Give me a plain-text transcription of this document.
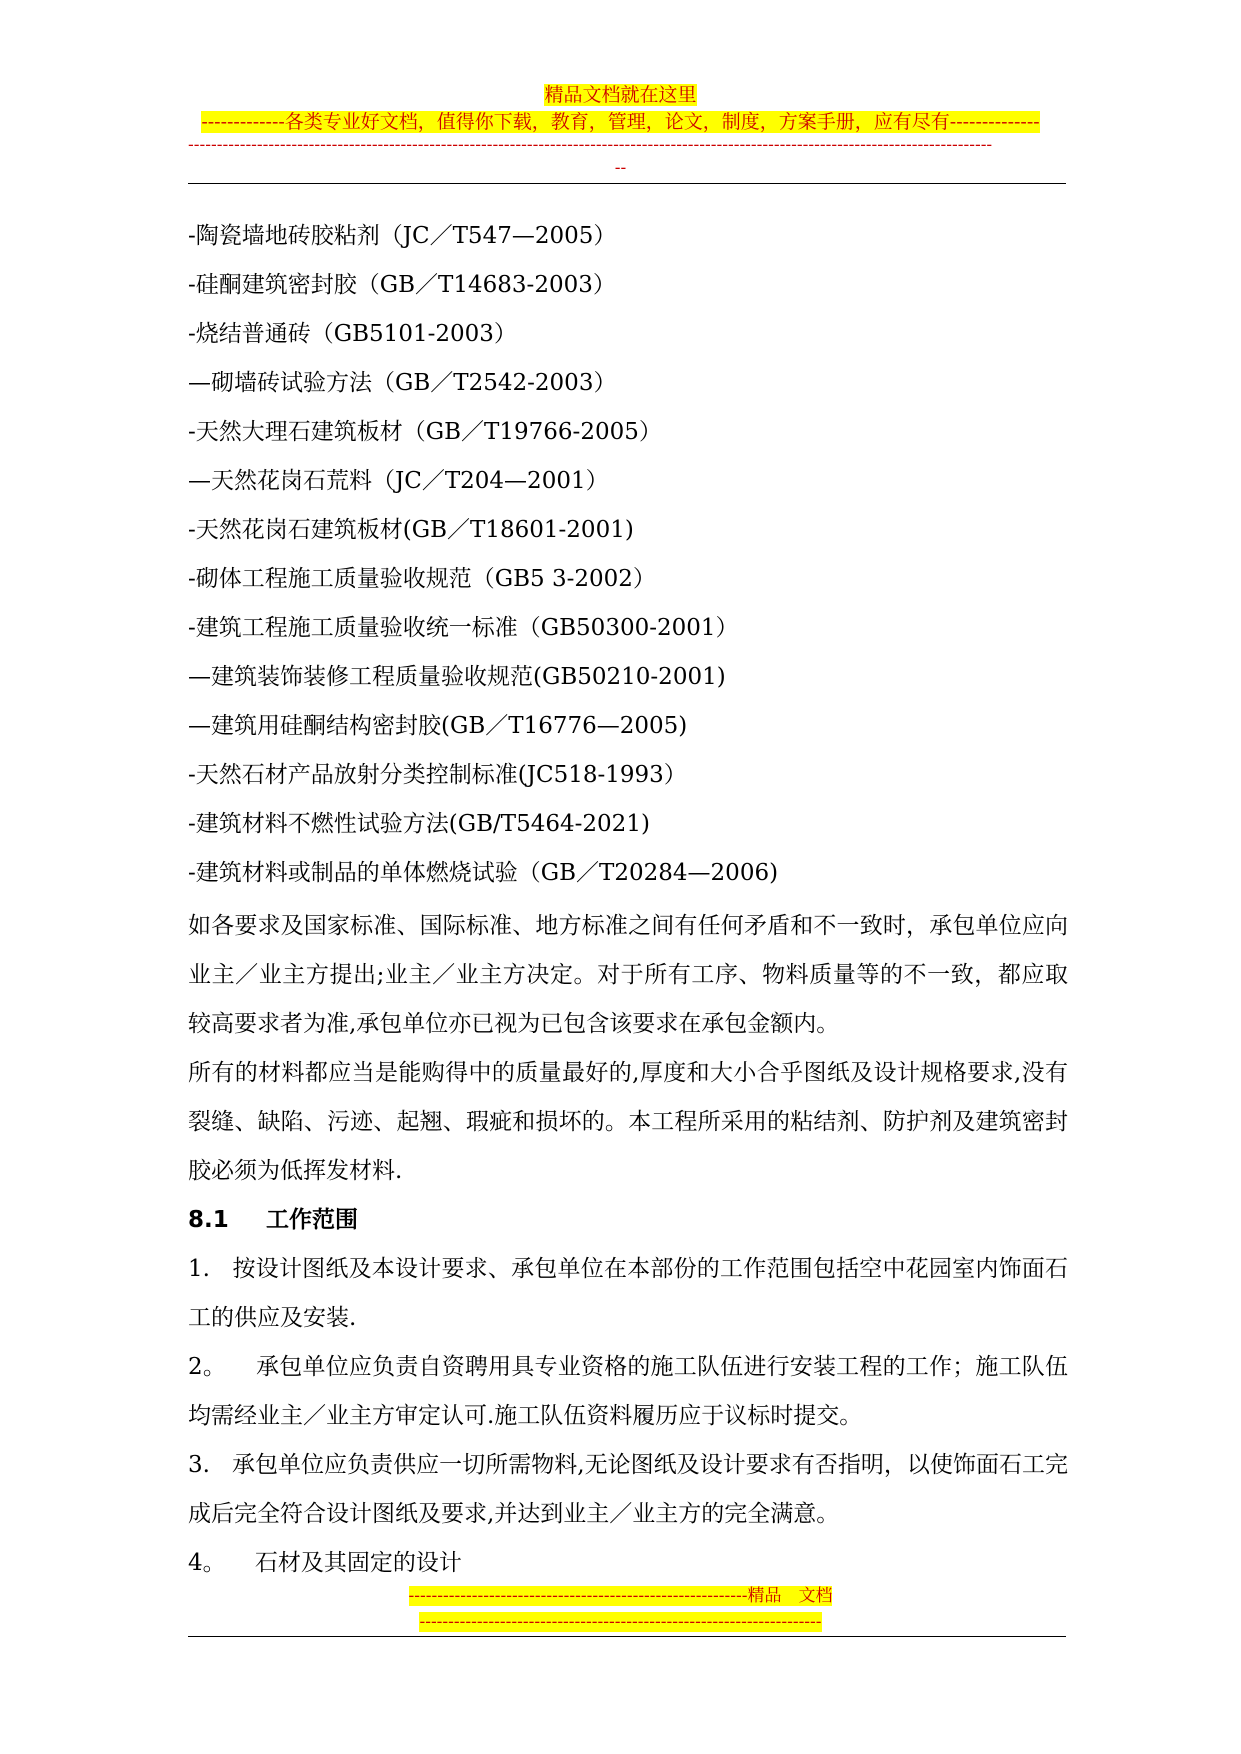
精品文档就在这里
-------------各类专业好文档，值得你下载，教育，管理，论文，制度，方案手册，应有尽有--------------
--------------------------------------------------------------------------------------------------------------------------------------------
--
-陶瓷墙地砖胶粘剂（JC／T547—2005）
-硅酮建筑密封胶（GB／T14683-2003）
-烧结普通砖（GB5101-2003）
—砌墙砖试验方法（GB／T2542-2003）
-天然大理石建筑板材（GB／T19766-2005）
—天然花岗石荒料（JC／T204—2001）
-天然花岗石建筑板材(GB／T18601-2001)
-砌体工程施工质量验收规范（GB5 3-2002）
-建筑工程施工质量验收统一标准（GB50300-2001）
—建筑装饰装修工程质量验收规范(GB50210-2001)
—建筑用硅酮结构密封胶(GB／T16776—2005)
-天然石材产品放射分类控制标准(JC518-1993）
-建筑材料不燃性试验方法(GB/T5464-2021)
-建筑材料或制品的单体燃烧试验（GB／T20284—2006)
如各要求及国家标准、国际标准、地方标准之间有任何矛盾和不一致时，承包单位应向业主／业主方提出;业主／业主方决定。对于所有工序、物料质量等的不一致，都应取较高要求者为准,承包单位亦已视为已包含该要求在承包金额内。
所有的材料都应当是能购得中的质量最好的,厚度和大小合乎图纸及设计规格要求,没有裂缝、缺陷、污迹、起翘、瑕疵和损坏的。本工程所采用的粘结剂、防护剂及建筑密封胶必须为低挥发材料.
8.1 工作范围
1. 按设计图纸及本设计要求、承包单位在本部份的工作范围包括空中花园室内饰面石工的供应及安装.
2。 承包单位应负责自资聘用具专业资格的施工队伍进行安装工程的工作；施工队伍均需经业主／业主方审定认可.施工队伍资料履历应于议标时提交。
3. 承包单位应负责供应一切所需物料,无论图纸及设计要求有否指明，以使饰面石工完成后完全符合设计图纸及要求,并达到业主／业主方的完全满意。
4。 石材及其固定的设计
-----------------------------------------------------------精品　文档
----------------------------------------------------------------------
